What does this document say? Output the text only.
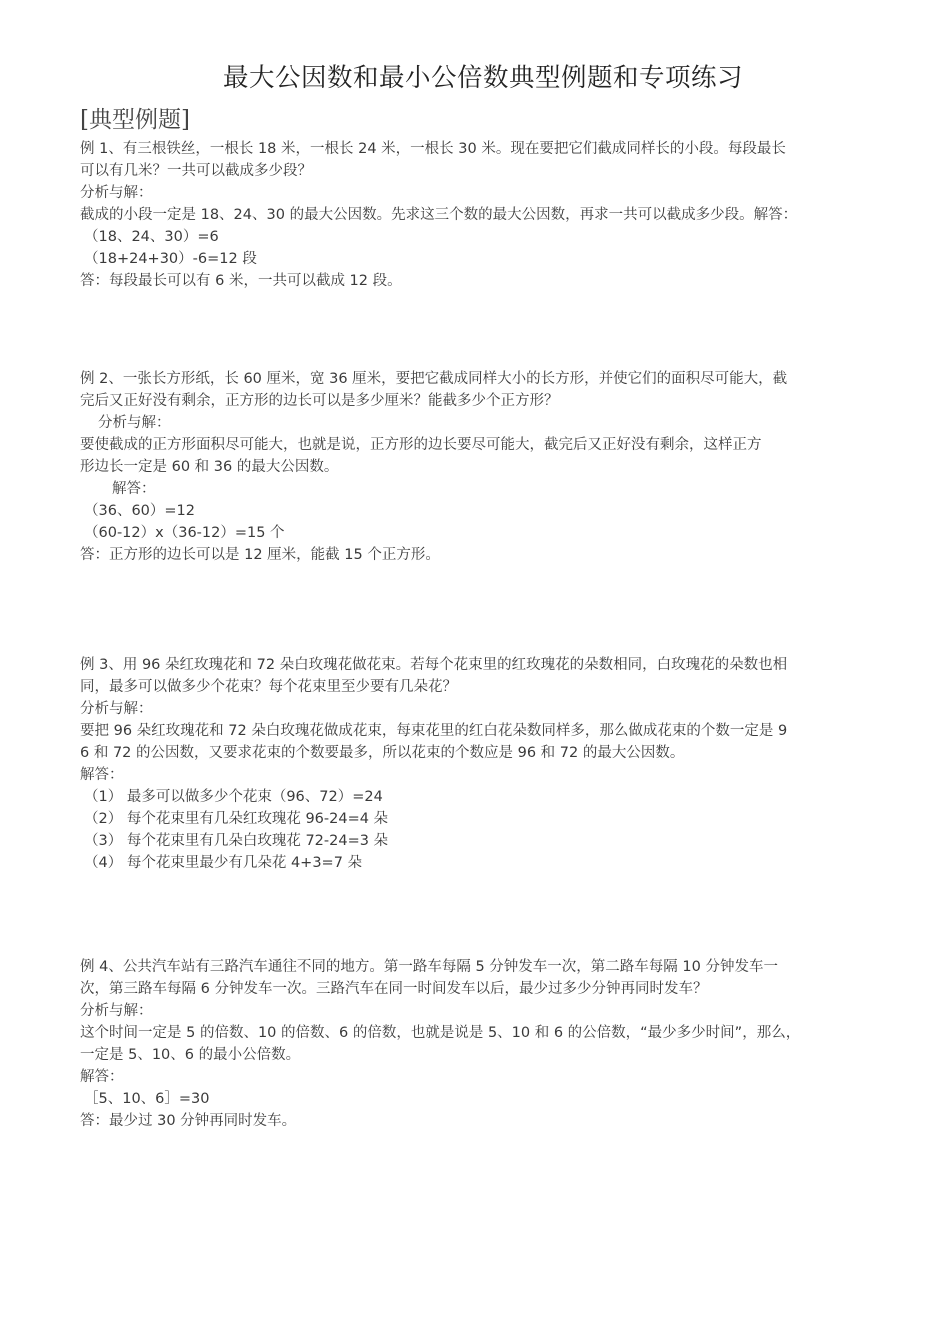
最大公因数和最小公倍数典型例题和专项练习
[典型例题]
例 1、有三根铁丝，一根长 18 米，一根长 24 米，一根长 30 米。现在要把它们截成同样长的小段。每段最长
可以有几米？一共可以截成多少段？
分析与解：
截成的小段一定是 18、24、30 的最大公因数。先求这三个数的最大公因数，再求一共可以截成多少段。解答：
（18、24、30）=6
（18+24+30）-6=12 段
答：每段最长可以有 6 米，一共可以截成 12 段。
例 2、一张长方形纸，长 60 厘米，宽 36 厘米，要把它截成同样大小的长方形，并使它们的面积尽可能大，截
完后又正好没有剩余，正方形的边长可以是多少厘米？能截多少个正方形？
分析与解：
要使截成的正方形面积尽可能大，也就是说，正方形的边长要尽可能大，截完后又正好没有剩余，这样正方
形边长一定是 60 和 36 的最大公因数。
解答：
（36、60）=12
（60-12）x（36-12）=15 个
答：正方形的边长可以是 12 厘米，能截 15 个正方形。
例 3、用 96 朵红玫瑰花和 72 朵白玫瑰花做花束。若每个花束里的红玫瑰花的朵数相同，白玫瑰花的朵数也相
同，最多可以做多少个花束？每个花束里至少要有几朵花？
分析与解：
要把 96 朵红玫瑰花和 72 朵白玫瑰花做成花束，每束花里的红白花朵数同样多，那么做成花束的个数一定是 9
6 和 72 的公因数，又要求花束的个数要最多，所以花束的个数应是 96 和 72 的最大公因数。
解答：
（1） 最多可以做多少个花束（96、72）=24
（2） 每个花束里有几朵红玫瑰花 96-24=4 朵
（3） 每个花束里有几朵白玫瑰花 72-24=3 朵
（4） 每个花束里最少有几朵花 4+3=7 朵
例 4、公共汽车站有三路汽车通往不同的地方。第一路车每隔 5 分钟发车一次，第二路车每隔 10 分钟发车一
次，第三路车每隔 6 分钟发车一次。三路汽车在同一时间发车以后，最少过多少分钟再同时发车？
分析与解：
这个时间一定是 5 的倍数、10 的倍数、6 的倍数，也就是说是 5、10 和 6 的公倍数，“最少多少时间”，那么，
一定是 5、10、6 的最小公倍数。
解答：
［5、10、6］=30
答：最少过 30 分钟再同时发车。
